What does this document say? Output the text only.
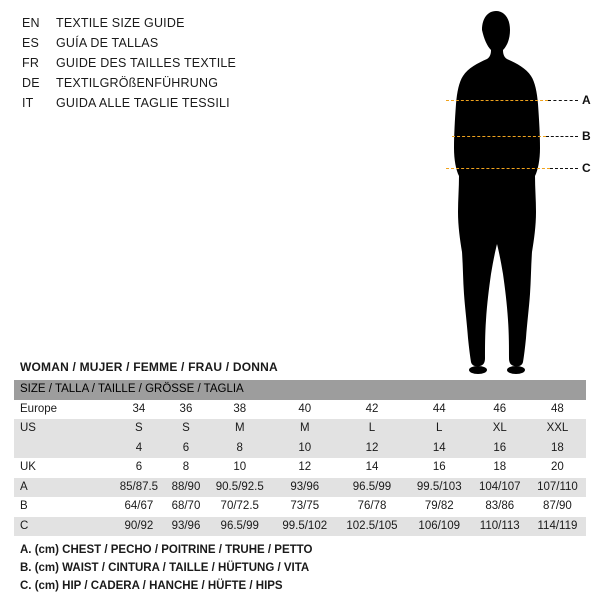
EN	TEXTILE SIZE GUIDE
ES	GUÍA DE TALLAS
FR	GUIDE DES TAILLES TEXTILE
DE	TEXTILGRÖßENFÜHRUNG
IT	GUIDA ALLE TAGLIE TESSILI	A
B
C
WOMAN / MUJER / FEMME / FRAU / DONNA
SIZE / TALLA / TAILLE / GRÖSSE / TAGLIA								
Europe	34	36	38	40	42	44	46	48
US	S	S	M	M	L	L	XL	XXL
	4	6	8	10	12	14	16	18
UK	6	8	10	12	14	16	18	20
A	85/87.5	88/90	90.5/92.5	93/96	96.5/99	99.5/103	104/107	107/110
B	64/67	68/70	70/72.5	73/75	76/78	79/82	83/86	87/90
C	90/92	93/96	96.5/99	99.5/102	102.5/105	106/109	110/113	114/119
A. (cm) CHEST / PECHO / POITRINE / TRUHE / PETTO
B. (cm) WAIST / CINTURA / TAILLE / HÜFTUNG / VITA
C. (cm) HIP / CADERA / HANCHE / HÜFTE / HIPS
